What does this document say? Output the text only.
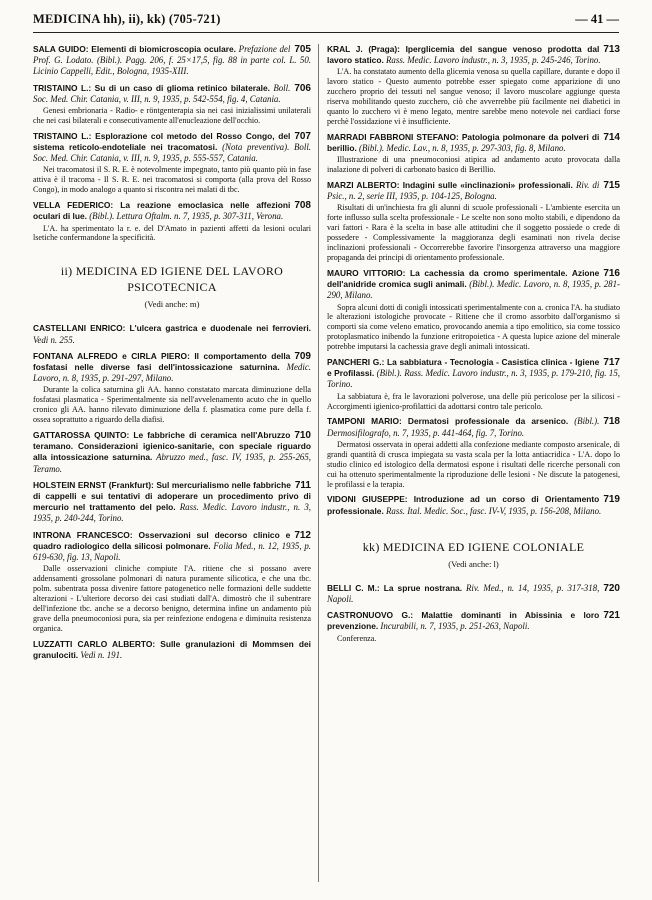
MEDICINA hh), ii), kk) (705-721)	— 41 —
705
SALA GUIDO: Elementi di biomicroscopia oculare. Prefazione del Prof. G. Lodato. (Bibl.). Pagg. 206, f. 25×17,5, fig. 88 in parte col. L. 50. Licinio Cappelli, Edit., Bologna, 1935-XIII.
706
TRISTAINO L.: Su di un caso di glioma retinico bilaterale. Boll. Soc. Med. Chir. Catania, v. III, n. 9, 1935, p. 542-554, fig. 4, Catania.
Genesi embrionaria - Radio- e röntgenterapia sia nei casi inizialissimi unilaterali che nei casi bilaterali e consecutivamente all'enucleazione dell'occhio.
707
TRISTAINO L.: Esplorazione col metodo del Rosso Congo, del sistema reticolo-endoteliale nei tracomatosi. (Nota preventiva). Boll. Soc. Med. Chir. Catania, v. III, n. 9, 1935, p. 555-557, Catania.
Nei tracomatosi il S. R. E. è notevolmente impegnato, tanto più quanto più in fase attiva è il tracoma - Il S. R. E. nei tracomatosi si comporta (alla prova del Rosso Congo), in modo analogo a quanto si riscontra nei malati di tbc.
708
VELLA FEDERICO: La reazione emoclasica nelle affezioni oculari di lue. (Bibl.). Lettura Oftalm. n. 7, 1935, p. 307-311, Verona.
L'A. ha sperimentato la r. e. del D'Amato in pazienti affetti da lesioni oculari lsetiche confermandone la specificità.
ii) MEDICINA ED IGIENE DEL LAVORO
PSICOTECNICA
(Vedi anche: m)
CASTELLANI ENRICO: L'ulcera gastrica e duodenale nei ferrovieri. Vedi n. 255.
709
FONTANA ALFREDO e CIRLA PIERO: Il comportamento della fosfatasi nelle diverse fasi dell'intossicazione saturnina. Medic. Lavoro, n. 8, 1935, p. 291-297, Milano.
Durante la colica saturnina gli AA. hanno constatato marcata diminuzione della fosfatasi plasmatica - Sperimentalmente sia nell'avvelenamento acuto che in quello cronico gli AA. hanno rilevato diminuzione della f. plasmatica come pure della f. ossea soprattutto a riguardo della diafisi.
710
GATTAROSSA QUINTO: Le fabbriche di ceramica nell'Abruzzo teramano. Considerazioni igienico-sanitarie, con speciale riguardo alla intossicazione saturnina. Abruzzo med., fasc. IV, 1935, p. 255-265, Teramo.
711
HOLSTEIN ERNST (Frankfurt): Sul mercurialismo nelle fabbriche di cappelli e sui tentativi di adoperare un procedimento privo di mercurio nel trattamento del pelo. Rass. Medic. Lavoro industr., n. 3, 1935, p. 240-244, Torino.
712
INTRONA FRANCESCO: Osservazioni sul decorso clinico e quadro radiologico della silicosi polmonare. Folia Med., n. 12, 1935, p. 619-630, fig. 13, Napoli.
Dalle osservazioni cliniche compiute l'A. ritiene che si possano avere addensamenti grossolane polmonari di natura puramente silicotica, e che una tbc. polm. subentrata possa divenire fattore patogenetico nelle formazioni delle suddette alterazioni - L'ulteriore decorso dei casi studiati dall'A. dimostrò che il subentrare dell'infezione tbc. anche se a decorso benigno, determina infine un andamento più grave della pneumoconiosi pura, sia per reinfezione endogena e diminuita resistenza organica.
LUZZATTI CARLO ALBERTO: Sulle granulazioni di Mommsen dei granulociti. Vedi n. 191.
713
KRAL J. (Praga): Iperglicemia del sangue venoso prodotta dal lavoro statico. Rass. Medic. Lavoro industr., n. 3, 1935, p. 245-246, Torino.
L'A. ha constatato aumento della glicemia venosa su quella capillare, durante e dopo il lavoro statico - Questo aumento potrebbe esser spiegato come apparizione di uno zucchero proprio dei tessuti nel sangue venoso; il lavoro muscolare aggiunge questa riserva mobilitando questo zucchero, ciò che avverrebbe più facilmente nei diabetici in quanto lo zucchero vi è meno legato, mentre sarebbe meno notevole nei cardiaci forse perchè l'ossidazione vi è insufficiente.
714
MARRADI FABBRONI STEFANO: Patologia polmonare da polveri di berillio. (Bibl.). Medic. Lav., n. 8, 1935, p. 297-303, fig. 8, Milano.
Illustrazione di una pneumoconiosi atipica ad andamento acuto provocata dalla inalazione di polveri di carbonato basico di Berillio.
715
MARZI ALBERTO: Indagini sulle «inclinazioni» professionali. Riv. di Psic., n. 2, serie III, 1935, p. 104-125, Bologna.
Risultati di un'inchiesta fra gli alunni di scuole professionali - L'ambiente esercita un forte influsso sulla scelta professionale - Le scelte non sono molto stabili, e dipendono da vari fattori - Rara è la scelta in base alle attitudini che il soggetto possiede o crede di possedere - Complessivamente la maggioranza degli esaminati non rivela decise inclinazioni professionali - Occorrerebbe favorire l'insorgenza attraverso una maggiore propaganda dei principi di orientamento professionale.
716
MAURO VITTORIO: La cachessia da cromo sperimentale. Azione dell'anidride cromica sugli animali. (Bibl.). Medic. Lavoro, n. 8, 1935, p. 281-290, Milano.
Sopra alcuni dotti di conigli intossicati sperimentalmente con a. cronica l'A. ha studiato le alterazioni istologiche provocate - Ritiene che il cromo assorbito dall'organismo si comporti sia come veleno ematico, provocando anemia a tipo emolitico, sia come tossico protoplasmatico inibendo la funzione eritropoietica - A questa lupice azione del minerale potrebbe imputarsi la cachessia grave degli animali intossicati.
717
PANCHERI G.: La sabbiatura - Tecnologia - Casistica clinica - Igiene e Profilassi. (Bibl.). Rass. Medic. Lavoro industr., n. 3, 1935, p. 179-210, fig. 15, Torino.
La sabbiatura è, fra le lavorazioni polverose, una delle più pericolose per la silicosi - Accorgimenti igienico-profilattici da adottarsi contro tale pericolo.
718
TAMPONI MARIO: Dermatosi professionale da arsenico. (Bibl.). Dermosifilografo, n. 7, 1935, p. 441-464, fig. 7, Torino.
Dermatosi osservata in operai addetti alla confezione mediante composto arsenicale, di grandi quantità di crusca impiegata su vasta scala per la lotta antiacridica - L'A. dopo lo studio clinico ed istologico della dermatosi espone i risultati delle ricerche personali con cui ha ottenuto sperimentalmente la riproduzione delle lesioni - Ne discute la patogenesi, le profilassi e la terapia.
719
VIDONI GIUSEPPE: Introduzione ad un corso di Orientamento professionale. Rass. Ital. Medic. Soc., fasc. IV-V, 1935, p. 156-208, Milano.
kk) MEDICINA ED IGIENE COLONIALE
(Vedi anche: l)
720
BELLI C. M.: La sprue nostrana. Riv. Med., n. 14, 1935, p. 317-318, Napoli.
721
CASTRONUOVO G.: Malattie dominanti in Abissinia e loro prevenzione. Incurabili, n. 7, 1935, p. 251-263, Napoli.
Conferenza.
